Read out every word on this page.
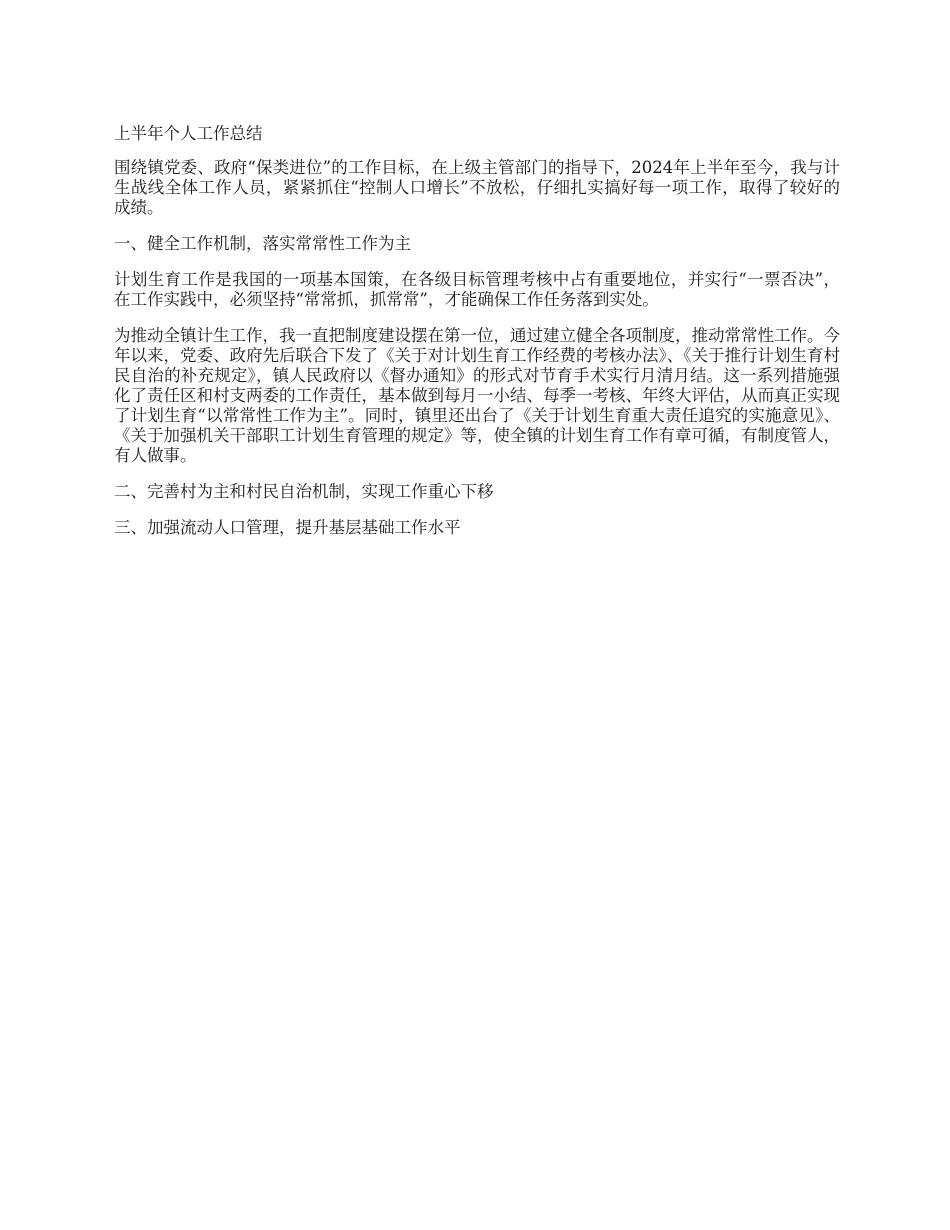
上半年个人工作总结

围绕镇党委、政府“保类进位”的工作目标，在上级主管部门的指导下，2024年上半年至今，我与计生战线全体工作人员，紧紧抓住“控制人口增长”不放松，仔细扎实搞好每一项工作，取得了较好的成绩。

一、健全工作机制，落实常常性工作为主

计划生育工作是我国的一项基本国策，在各级目标管理考核中占有重要地位，并实行“一票否决”，在工作实践中，必须坚持“常常抓，抓常常”，才能确保工作任务落到实处。

为推动全镇计生工作，我一直把制度建设摆在第一位，通过建立健全各项制度，推动常常性工作。今年以来，党委、政府先后联合下发了《关于对计划生育工作经费的考核办法》、《关于推行计划生育村民自治的补充规定》，镇人民政府以《督办通知》的形式对节育手术实行月清月结。这一系列措施强化了责任区和村支两委的工作责任，基本做到每月一小结、每季一考核、年终大评估，从而真正实现了计划生育“以常常性工作为主”。同时，镇里还出台了《关于计划生育重大责任追究的实施意见》、《关于加强机关干部职工计划生育管理的规定》等，使全镇的计划生育工作有章可循，有制度管人，有人做事。

二、完善村为主和村民自治机制，实现工作重心下移

三、加强流动人口管理，提升基层基础工作水平
